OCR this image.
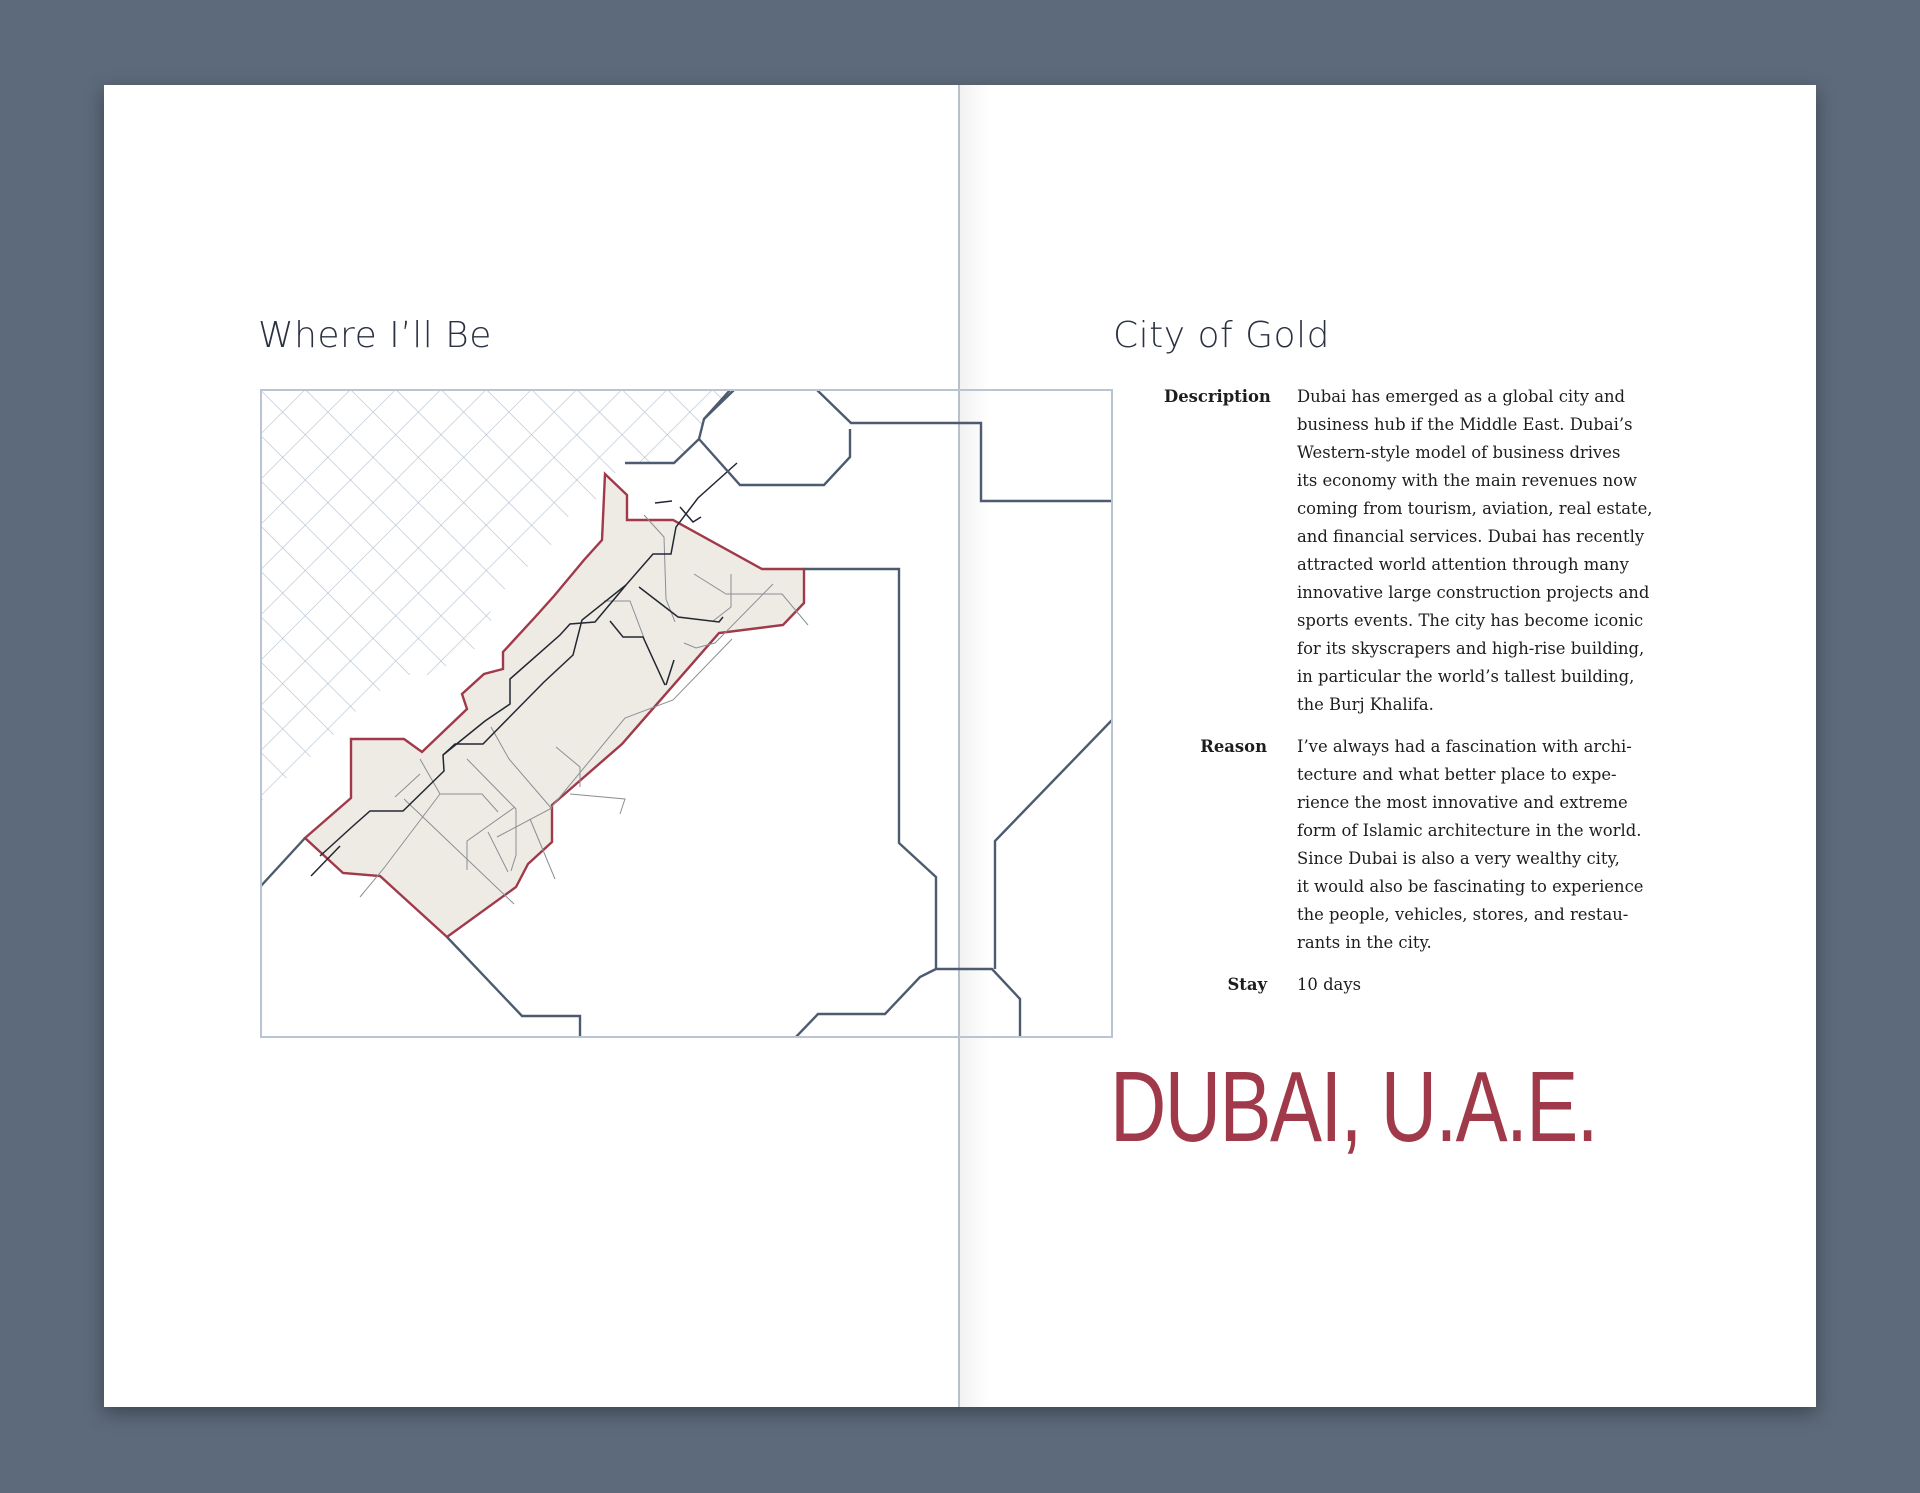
Where I’ll Be	City of Gold
Description	Dubai has emerged as a global city and
business hub if the Middle East. Dubai’s
Western-style model of business drives
its economy with the main revenues now
coming from tourism, aviation, real estate,
and financial services. Dubai has recently
attracted world attention through many
innovative large construction projects and
sports events. The city has become iconic
for its skyscrapers and high-rise building,
in particular the world’s tallest building,
the Burj Khalifa.
Reason	I’ve always had a fascination with archi-
tecture and what better place to expe-
rience the most innovative and extreme
form of Islamic architecture in the world.
Since Dubai is also a very wealthy city,
it would also be fascinating to experience
the people, vehicles, stores, and restau-
rants in the city.
Stay	10 days
DUBAI, U.A.E.
